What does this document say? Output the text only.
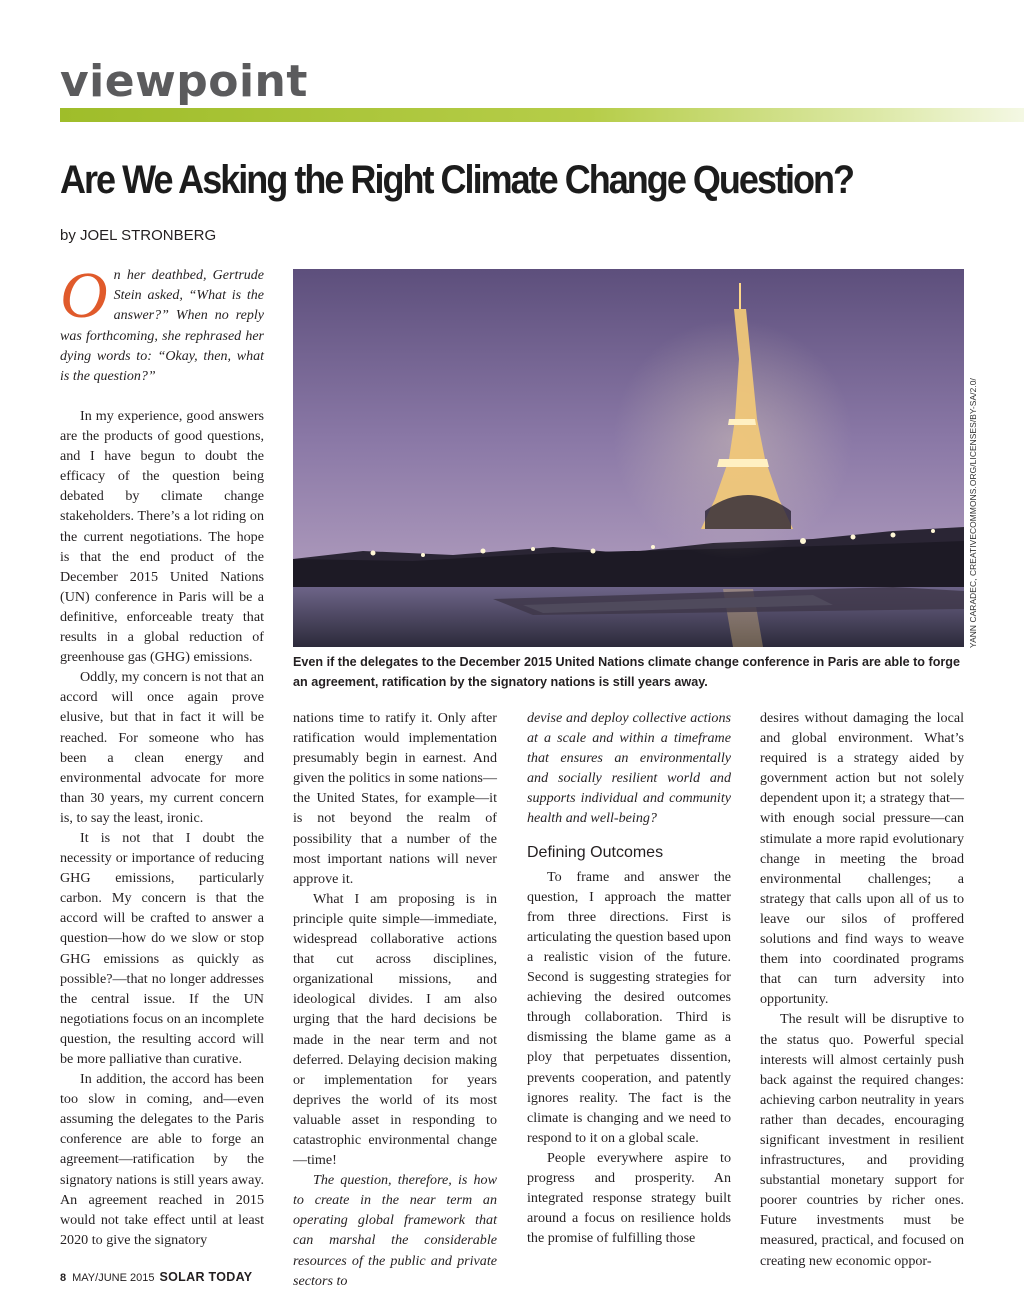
viewpoint
Are We Asking the Right Climate Change Question?
by JOEL STRONBERG
On her deathbed, Gertrude Stein asked, “What is the answer?” When no reply was forthcoming, she rephrased her dying words to: “Okay, then, what is the question?”

In my experience, good answers are the products of good questions, and I have begun to doubt the efficacy of the question being debated by climate change stakeholders. There’s a lot riding on the current negotiations. The hope is that the end product of the December 2015 United Nations (UN) conference in Paris will be a definitive, enforceable treaty that results in a global reduction of greenhouse gas (GHG) emissions.

Oddly, my concern is not that an accord will once again prove elusive, but that in fact it will be reached. For someone who has been a clean energy and environmental advocate for more than 30 years, my current concern is, to say the least, ironic.

It is not that I doubt the necessity or importance of reducing GHG emissions, particularly carbon. My concern is that the accord will be crafted to answer a question—how do we slow or stop GHG emissions as quickly as possible?—that no longer addresses the central issue. If the UN negotiations focus on an incomplete question, the resulting accord will be more palliative than curative.

In addition, the accord has been too slow in coming, and—even assuming the delegates to the Paris conference are able to forge an agreement—ratification by the signatory nations is still years away. An agreement reached in 2015 would not take effect until at least 2020 to give the signatory

YANN CARADEC, CREATIVECOMMONS.ORG/LICENSES/BY-SA/2.0/
Even if the delegates to the December 2015 United Nations climate change conference in Paris are able to forge an agreement, ratification by the signatory nations is still years away.

nations time to ratify it. Only after ratification would implementation presumably begin in earnest. And given the politics in some nations—the United States, for example—it is not beyond the realm of possibility that a number of the most important nations will never approve it.

What I am proposing is in principle quite simple—immediate, widespread collaborative actions that cut across disciplines, organizational missions, and ideological divides. I am also urging that the hard decisions be made in the near term and not deferred. Delaying decision making or implementation for years deprives the world of its most valuable asset in responding to catastrophic environmental change—time!

The question, therefore, is how to create in the near term an operating global framework that can marshal the considerable resources of the public and private sectors to

devise and deploy collective actions at a scale and within a timeframe that ensures an environmentally and socially resilient world and supports individual and community health and well-being?

Defining Outcomes

To frame and answer the question, I approach the matter from three directions. First is articulating the question based upon a realistic vision of the future. Second is suggesting strategies for achieving the desired outcomes through collaboration. Third is dismissing the blame game as a ploy that perpetuates dissention, prevents cooperation, and patently ignores reality. The fact is the climate is changing and we need to respond to it on a global scale.

People everywhere aspire to progress and prosperity. An integrated response strategy built around a focus on resilience holds the promise of fulfilling those

desires without damaging the local and global environment. What’s required is a strategy aided by government action but not solely dependent upon it; a strategy that—with enough social pressure—can stimulate a more rapid evolutionary change in meeting the broad environmental challenges; a strategy that calls upon all of us to leave our silos of proffered solutions and find ways to weave them into coordinated programs that can turn adversity into opportunity.

The result will be disruptive to the status quo. Powerful special interests will almost certainly push back against the required changes: achieving carbon neutrality in years rather than decades, encouraging significant investment in resilient infrastructures, and providing substantial monetary support for poorer countries by richer ones. Future investments must be measured, practical, and focused on creating new economic oppor-

8 MAY/JUNE 2015 SOLAR TODAY
